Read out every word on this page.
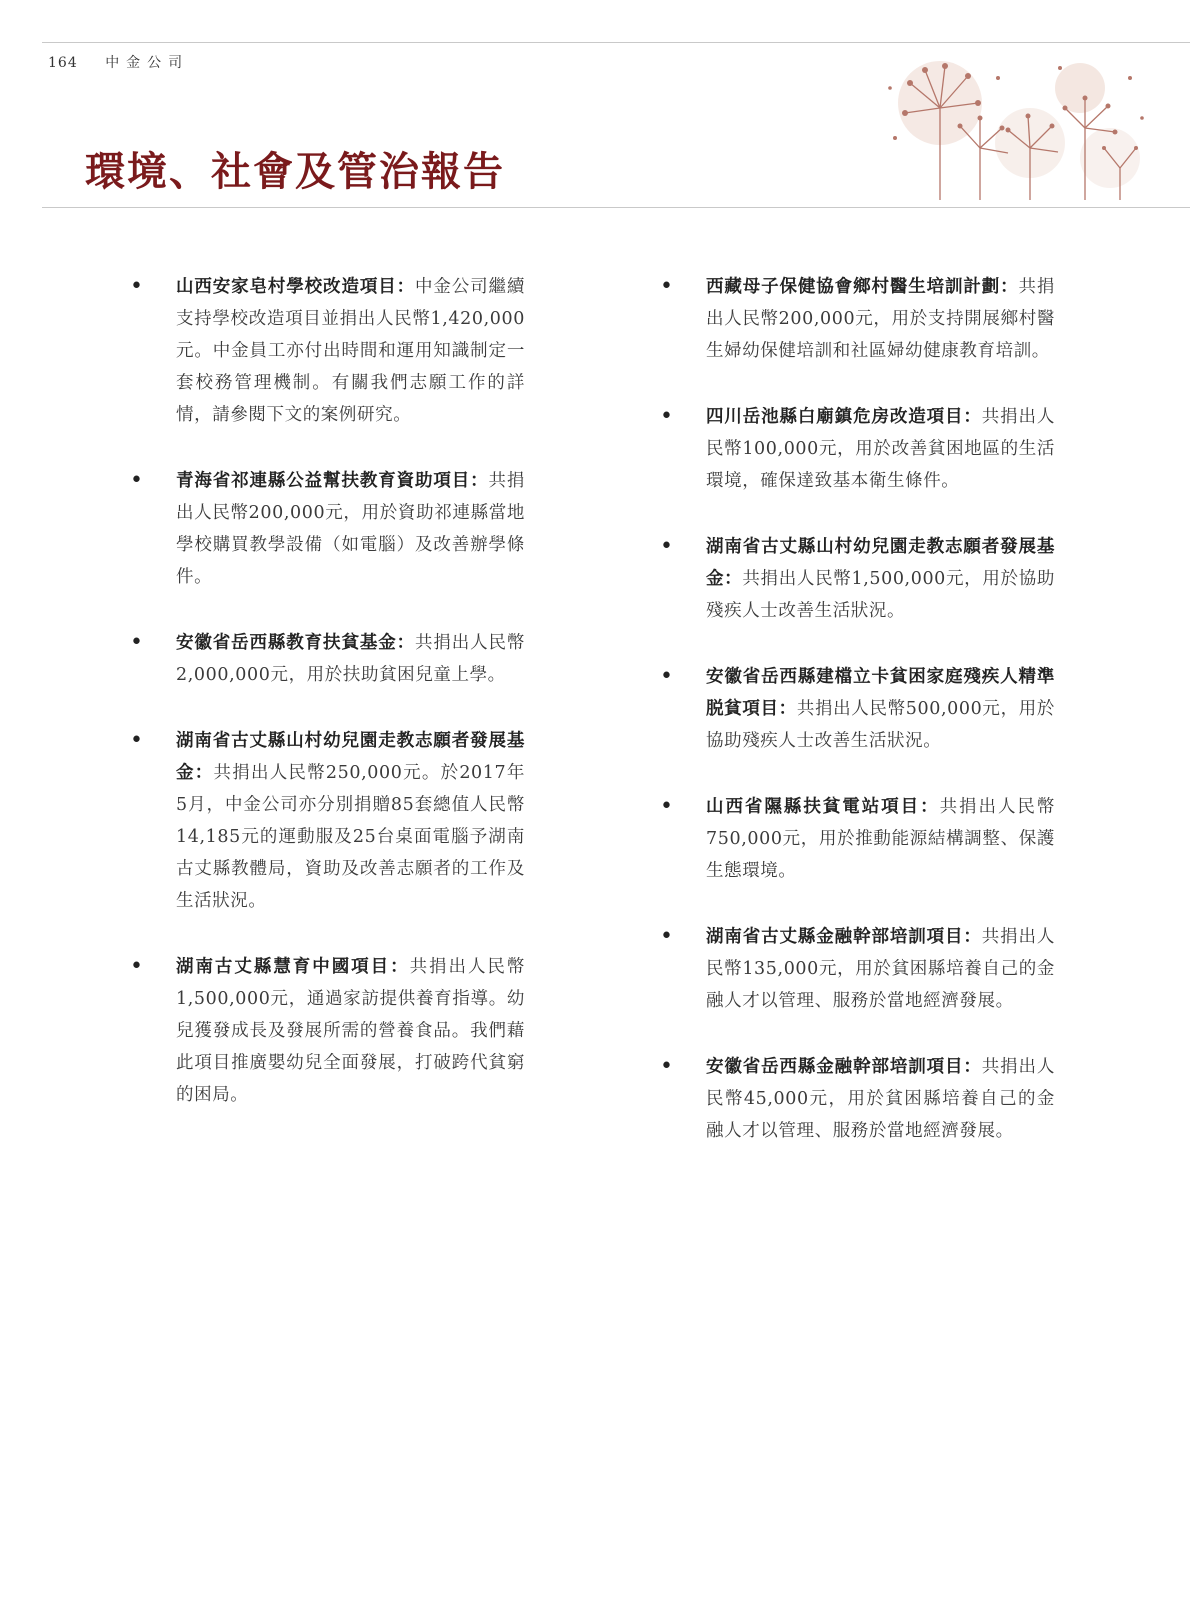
164 中金公司
環境、社會及管治報告
• 山西安家皂村學校改造項目：中金公司繼續支持學校改造項目並捐出人民幣1,420,000元。中金員工亦付出時間和運用知識制定一套校務管理機制。有關我們志願工作的詳情，請參閱下文的案例研究。
• 青海省祁連縣公益幫扶教育資助項目：共捐出人民幣200,000元，用於資助祁連縣當地學校購買教學設備（如電腦）及改善辦學條件。
• 安徽省岳西縣教育扶貧基金：共捐出人民幣2,000,000元，用於扶助貧困兒童上學。
• 湖南省古丈縣山村幼兒園走教志願者發展基金：共捐出人民幣250,000元。於2017年5月，中金公司亦分別捐贈85套總值人民幣14,185元的運動服及25台桌面電腦予湖南古丈縣教體局，資助及改善志願者的工作及生活狀況。
• 湖南古丈縣慧育中國項目：共捐出人民幣1,500,000元，通過家訪提供養育指導。幼兒獲發成長及發展所需的營養食品。我們藉此項目推廣嬰幼兒全面發展，打破跨代貧窮的困局。
• 西藏母子保健協會鄉村醫生培訓計劃：共捐出人民幣200,000元，用於支持開展鄉村醫生婦幼保健培訓和社區婦幼健康教育培訓。
• 四川岳池縣白廟鎮危房改造項目：共捐出人民幣100,000元，用於改善貧困地區的生活環境，確保達致基本衛生條件。
• 湖南省古丈縣山村幼兒園走教志願者發展基金：共捐出人民幣1,500,000元，用於協助殘疾人士改善生活狀況。
• 安徽省岳西縣建檔立卡貧困家庭殘疾人精準脱貧項目：共捐出人民幣500,000元，用於協助殘疾人士改善生活狀況。
• 山西省隰縣扶貧電站項目：共捐出人民幣750,000元，用於推動能源結構調整、保護生態環境。
• 湖南省古丈縣金融幹部培訓項目：共捐出人民幣135,000元，用於貧困縣培養自己的金融人才以管理、服務於當地經濟發展。
• 安徽省岳西縣金融幹部培訓項目：共捐出人民幣45,000元，用於貧困縣培養自己的金融人才以管理、服務於當地經濟發展。
